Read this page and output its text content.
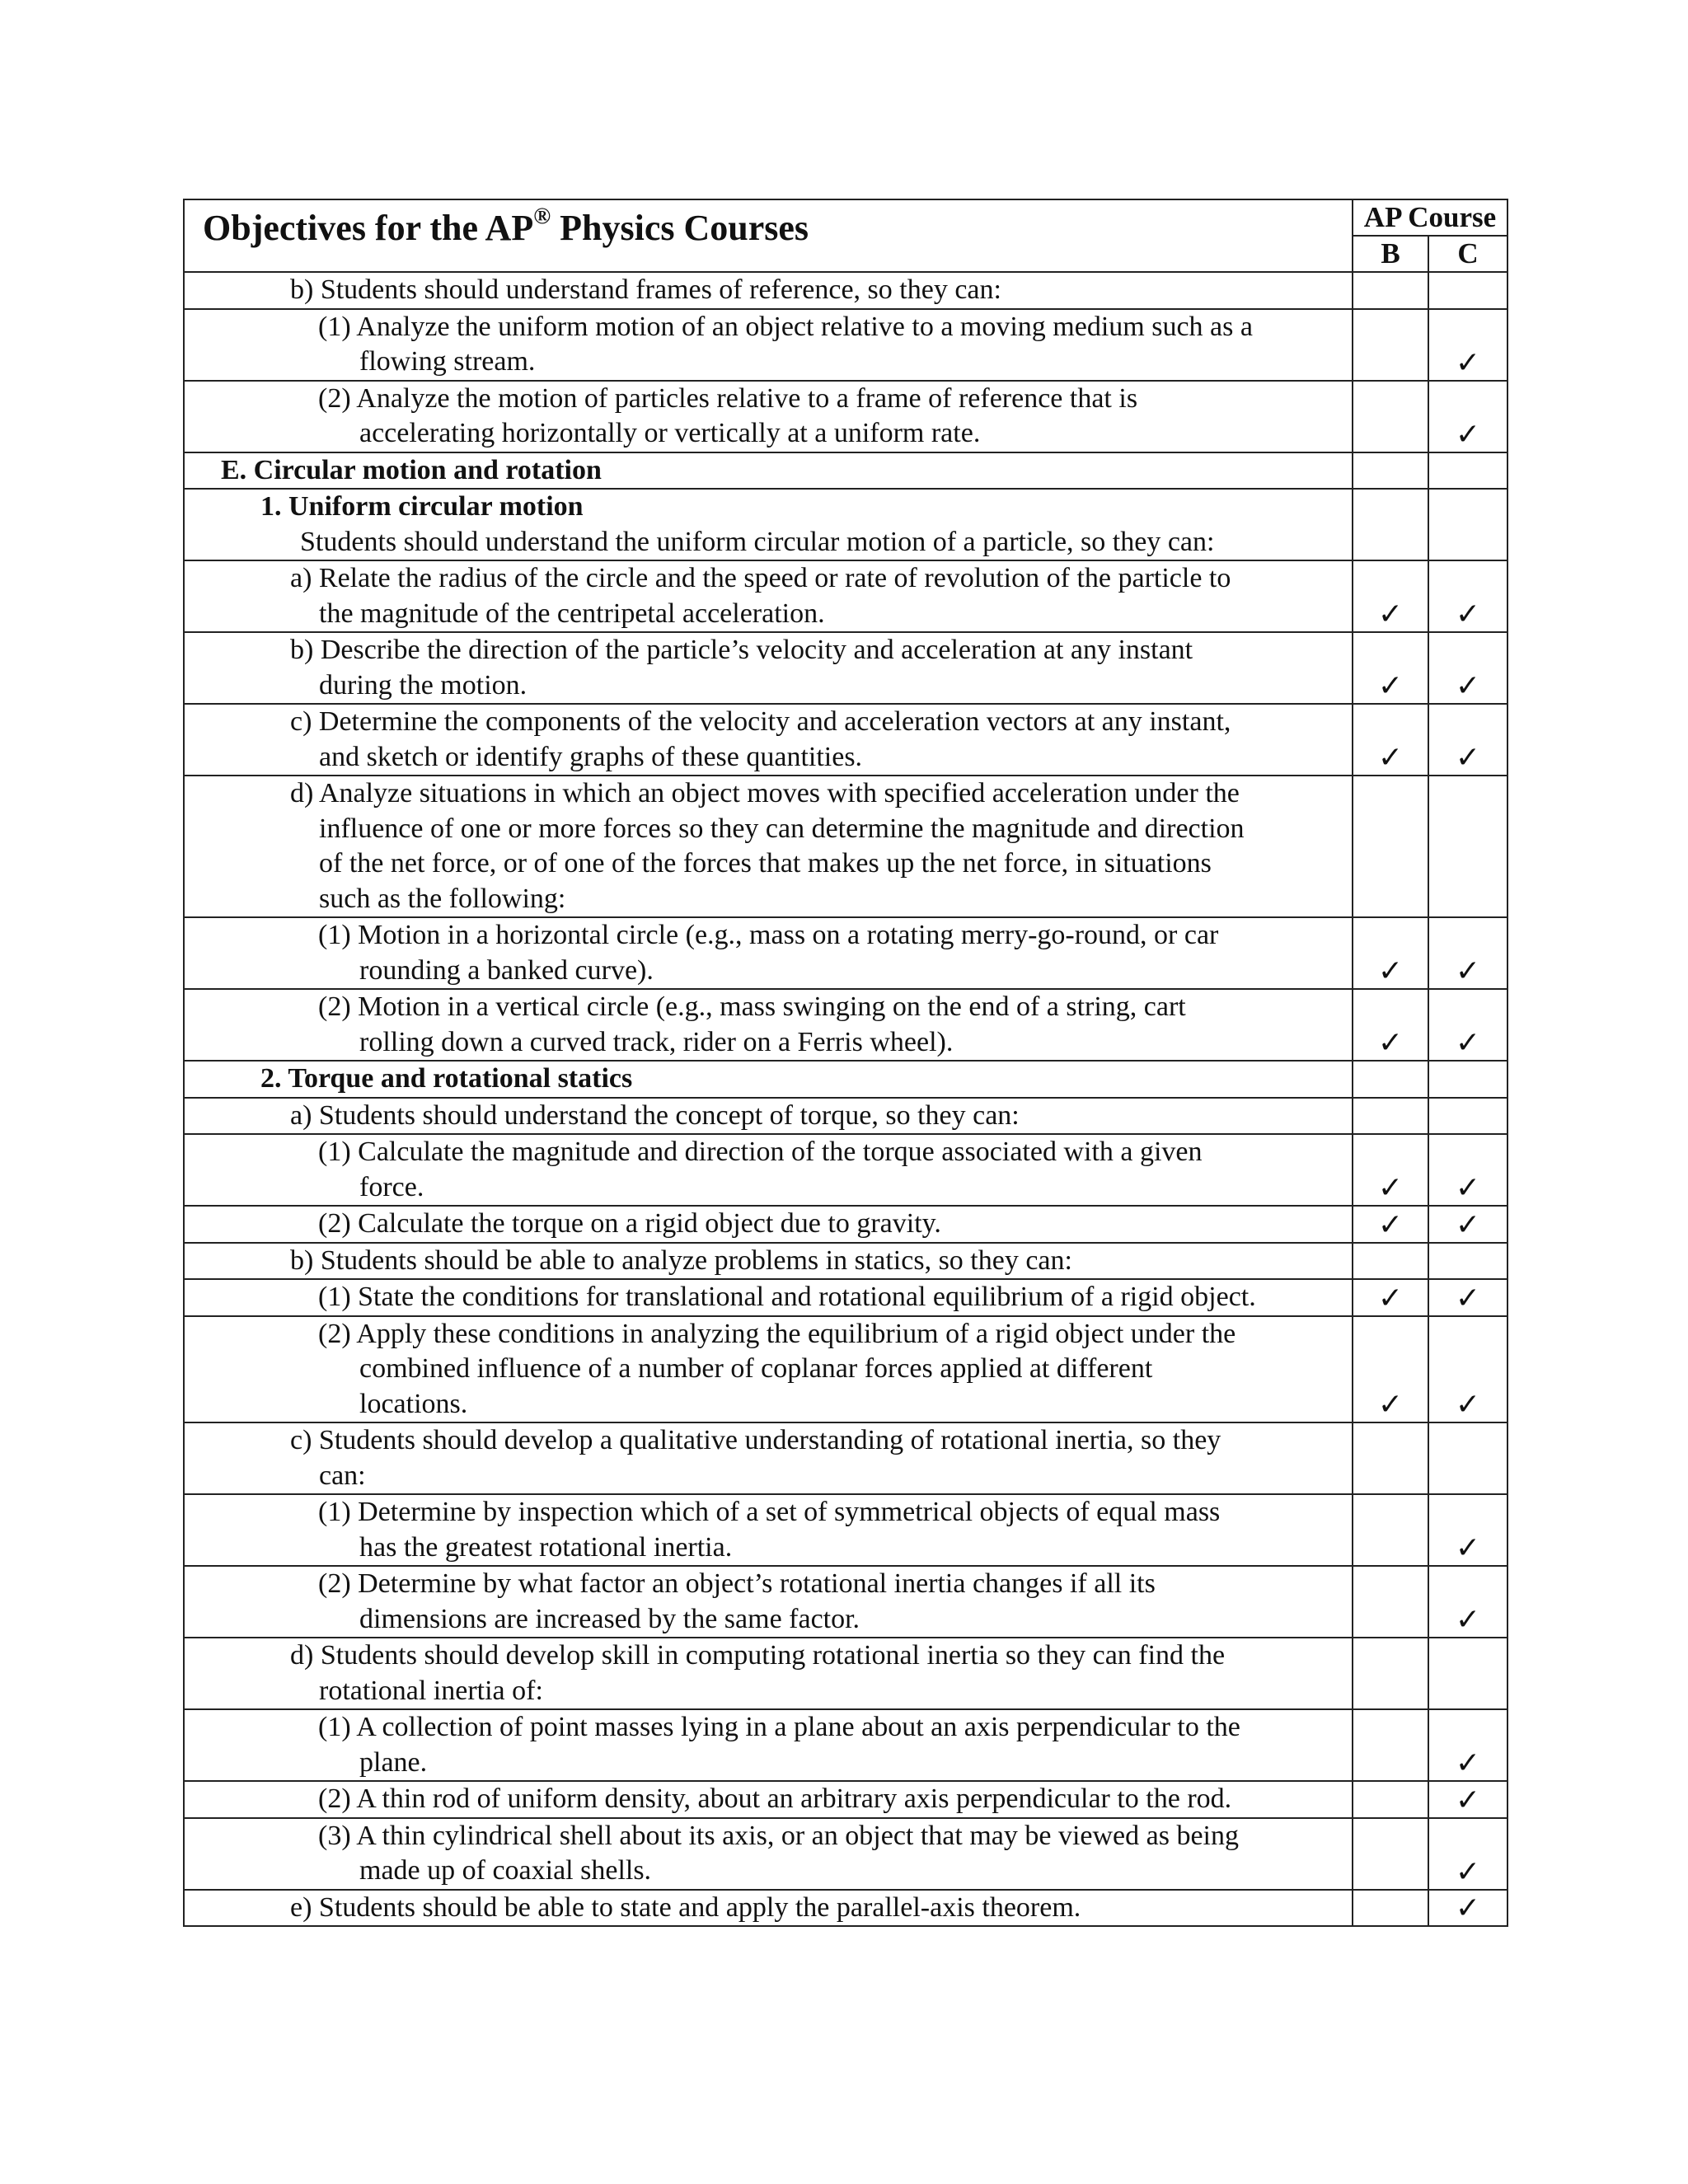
Objectives for the AP® Physics Courses	AP Course	
	B	C

b) Students should understand frames of reference, so they can:		

(1) Analyze the uniform motion of an object relative to a moving medium such as a
flowing stream.		✓

(2) Analyze the motion of particles relative to a frame of reference that is
accelerating horizontally or vertically at a uniform rate.		✓

E. Circular motion and rotation		

1. Uniform circular motion
Students should understand the uniform circular motion of a particle, so they can:		

a) Relate the radius of the circle and the speed or rate of revolution of the particle to
the magnitude of the centripetal acceleration.	✓	✓

b) Describe the direction of the particle’s velocity and acceleration at any instant
during the motion.	✓	✓

c) Determine the components of the velocity and acceleration vectors at any instant,
and sketch or identify graphs of these quantities.	✓	✓

d) Analyze situations in which an object moves with specified acceleration under the
influence of one or more forces so they can determine the magnitude and direction
of the net force, or of one of the forces that makes up the net force, in situations
such as the following:		

(1) Motion in a horizontal circle (e.g., mass on a rotating merry-go-round, or car
rounding a banked curve).	✓	✓

(2) Motion in a vertical circle (e.g., mass swinging on the end of a string, cart
rolling down a curved track, rider on a Ferris wheel).	✓	✓

2. Torque and rotational statics		

a) Students should understand the concept of torque, so they can:		

(1) Calculate the magnitude and direction of the torque associated with a given
force.	✓	✓

(2) Calculate the torque on a rigid object due to gravity.	✓	✓

b) Students should be able to analyze problems in statics, so they can:		

(1) State the conditions for translational and rotational equilibrium of a rigid object.	✓	✓

(2) Apply these conditions in analyzing the equilibrium of a rigid object under the
combined influence of a number of coplanar forces applied at different
locations.	✓	✓

c) Students should develop a qualitative understanding of rotational inertia, so they
can:		

(1) Determine by inspection which of a set of symmetrical objects of equal mass
has the greatest rotational inertia.		✓

(2) Determine by what factor an object’s rotational inertia changes if all its
dimensions are increased by the same factor.		✓

d) Students should develop skill in computing rotational inertia so they can find the
rotational inertia of:		

(1) A collection of point masses lying in a plane about an axis perpendicular to the
plane.		✓

(2) A thin rod of uniform density, about an arbitrary axis perpendicular to the rod.		✓

(3) A thin cylindrical shell about its axis, or an object that may be viewed as being
made up of coaxial shells.		✓

e) Students should be able to state and apply the parallel-axis theorem.		✓
